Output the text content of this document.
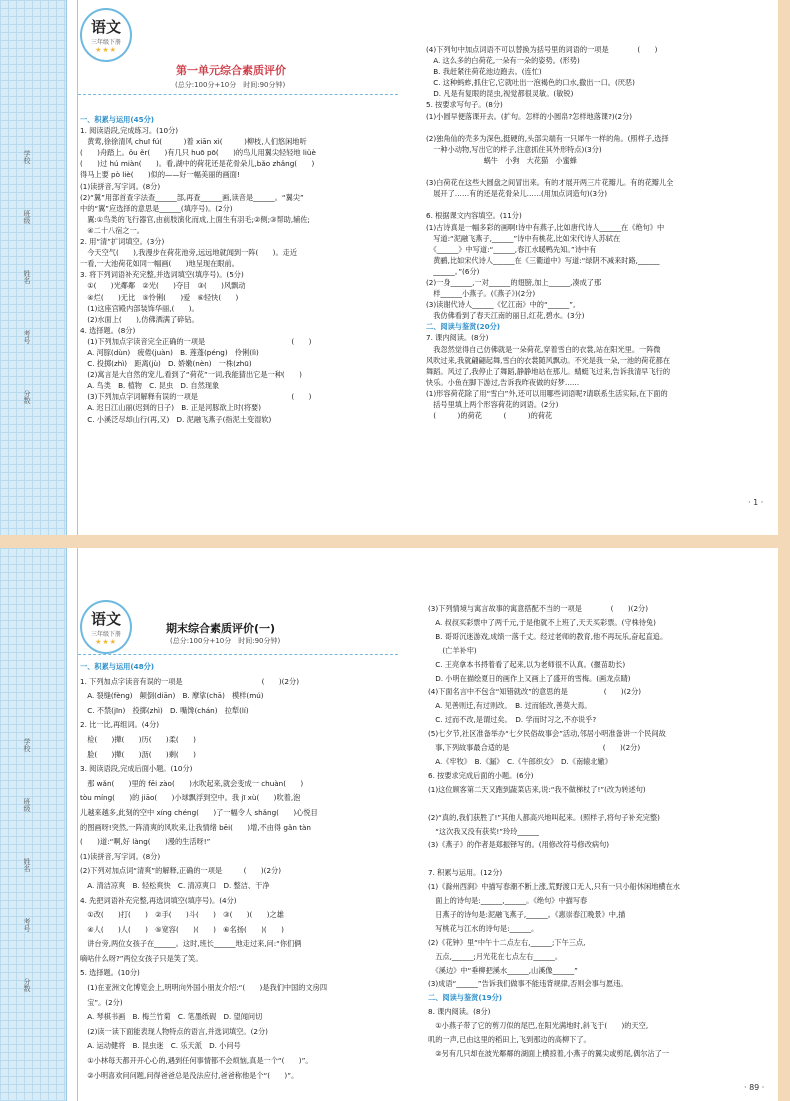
学校
班级
姓名
考号
分数
语文
三年级下册
★★★
第一单元综合素质评价
(总分:100分+10分　时间:90分钟)
一、积累与运用(45分)
1. 阅读语段,完成练习。(10分)
　黄莺,徐徐清风 chuī fú(　　　)着 xiān xì(　　　)柳枝,人们悠闲地听
(　　)舟踏上。ǒu ěr(　　)有几只 huō pō(　　)的鸟儿用翼尖轻轻地 liüè
(　　)过 hú miàn(　　)。看,湖中的荷花还是花骨朵儿,bǎo zhǎng(　　)
得马上要 pò liè(　　)似的——好一幅美丽的画面!
(1)读拼音,写字词。(8分)
(2)“翼”用部首查字法查______部,再查______画,读音是______。“翼尖”
中的“翼”应选择的意思是______(填序号)。(2分)
　翼:①鸟类的飞行器官,由前肢演化而成,上面生有羽毛;②侧;③帮助,辅佐;
　④二十八宿之一。
2. 用“清”扩词填空。(3分)
　今天空气(　　),我漫步在荷花池旁,远远地就闻到一阵(　　)。走近
一看,一大池荷花如同一幅画(　　)地呈现在眼前。
3. 将下列词语补充完整,并选词填空(填序号)。(5分)
　①(　　)光鄰鄰　②光(　　)夺目　③(　　)风飘动
　④烂(　　)无比　⑤怜俐(　　)爱　⑥轻快(　　)
　(1)这座宫殿内部装饰华丽,(　　)。
　(2)水面上(　　),仿佛洒满了碎钻。
4. 选择题。(8分)
　(1)下列加点字读音完全正确的一项是　　　　　　　　　　　　(　　)
　A. 河豚(dùn)　疲倦(juàn)　B. 莲蓬(péng)　伶俐(lì)
　C. 投掷(zhì)　距离(jù)　D. 娇嫩(nèn)　一株(zhū)
　(2)寓言是大自然的宠儿,看到了“荷花”一词,我能猜出它是一种(　　)
　A. 鸟类　B. 植物　C. 昆虫　D. 自然现象
　(3)下列加点字词解释有误的一项是　　　　　　　　　　　　　(　　)
　A. 迟日江山丽(迟到的日子)　B. 正是河豚欲上时(将要)
　C. 小溪泛尽却山行(再,又)　D. 泥融飞燕子(指泥土变湿软)
(4)下列句中加点词语不可以替换为括号里的词语的一项是　　　　(　　)
　A. 这么多的白荷花,一朵有一朵的姿势。(形势)
　B. 我赶紧往荷花池边跑去。(连忙)
　C. 这种蚂蚱,抓住它,它就吐出一泡褐色的口水,撒出一口。(厌恶)
　D. 凡是有复眼的昆虫,视觉都很灵敏。(敏锐)
5. 按要求写句子。(8分)
(1)小圆早便落课开去。(扩句。怎样的小圆帛?怎样地落课?)(2分)

(2)独角仙的壳多为深色,挺硬的,头部尖端有一只犀牛一样的角。(照样子,选择
　一种小动物,写出它的样子,注意抓住其外形特点)(3分)
　　　　　　　　蜗牛　小狗　大花猫　小蜜蜂

(3)白荷花在这些大圆盘之间冒出来。有的才展开两三片花瓣儿。有的花瓣儿全
　展开了……有的还是花骨朵儿……(用加点词造句)(3分)

6. 根据课文内容填空。(11分)
(1)古诗真是一幅多彩的画啊!诗中有燕子,比如唐代诗人______在《绝句》中
　写道:“泥融飞燕子,______”诗中有桃花,比如宋代诗人苏轼在
　《______》中写道:“______,春江水暖鸭先知。”诗中有
　黄鹂,比如宋代诗人______在《三衢道中》写道:“绿阴不减来时路,______
　______。”(6分)
(2)一身______,一对______的翅膀,加上______,凑成了那
　样______小燕子。(《燕子》)(2分)
(3)读谢代诗人______《忆江南》中的“______”,
　我仿佛看到了春天江南的丽日,红花,碧水。(3分)
二、阅读与鉴赏(20分)
7. 课内阅读。(8分)
　我忽然觉得自己仿佛就是一朵荷花,穿着雪白的衣裳,站在阳光里。一阵微
风吹过来,我就翩翩起舞,雪白的衣裳随风飘动。不光是我一朵,一池的荷花都在
舞蹈。风过了,我停止了舞蹈,静静地站在那儿。蜻蜓飞过来,告诉我清早飞行的
快乐。小鱼在脚下游过,告诉我昨夜做的好梦……
(1)形容荷花除了用“雪白”外,还可以用哪些词语呢?请联系生活实际,在下面的
　括号里填上两个形容荷花的词语。(2分)
　(　　　)的荷花　　　(　　　)的荷花
· 1 ·
学校
班级
姓名
考号
分数
语文
三年级下册
★★★
期末综合素质评价(一)
(总分:100分+10分　时间:90分钟)
一、积累与运用(48分)
1. 下列加点字读音有误的一项是　　　　　　　　　　　(　　)(2分)
　A. 裂缝(fèng)　颠倒(diān)　B. 摩挲(chā)　模样(mú)
　C. 不禁(jīn)　投掷(zhì)　D. 嘴馋(chán)　拉犁(lí)
2. 比一比,再组词。(4分)
　检(　　)撵(　　)历(　　)柔(　　)
　脸(　　)撵(　　)沥(　　)剩(　　)
3. 阅读语段,完成后面小题。(10分)
　那 wǎn(　　)里的 fēi zào(　　)水吹起来,就会变成一 chuàn(　　)
tòu míng(　　)的 jiāo(　　)小球飘浮到空中。我 jī xù(　　)吹着,泡
儿越来越多,此刻的空中 xíng chéng(　　)了一幅令人 shǎng(　　)心悦目
的图画呀!突然,一阵清爽的风吹来,让我情绪 bēi(　　)增,不由得 gǎn tàn
(　　)道:“啊,好 làng(　　)漫的生活呀!”
(1)读拼音,写字词。(8分)
(2)下列对加点词“清爽”的解释,正确的一项是　　　(　　)(2分)
　A. 清洁凉爽　B. 轻松爽快　C. 清凉爽口　D. 整洁、干净
4. 先把词语补充完整,再选词填空(填序号)。(4分)
　①改(　　)打(　　)　②手(　　)斗(　　)　③(　　)(　　)之雄
　④人(　　)人(　　)　⑤宽容(　　)(　　)　⑥名扬(　　)(　　)
　讲台旁,两位女孩子在______。这时,班长______地走过来,问:“你们俩
嘀咕什么呀?”两位女孩子只是笑了笑。
5. 选择题。(10分)
　(1)在亚洲文化博览会上,明明向外国小朋友介绍:“(　　)是我们中国的文房四
　宝”。(2分)
　A. 琴棋书画　B. 梅兰竹菊　C. 笔墨纸砚　D. 望闻问切
　(2)读一读下面能表现人物特点的语言,并选词填空。(2分)
　A. 运动健将　B. 昆虫迷　C. 乐天派　D. 小问号
　①小林每天都开开心心的,遇到任何事情都不会烦恼,真是一个“(　　)”。
　②小明喜欢问问题,问得爸爸总是没法应付,爸爸称他是个“(　　)”。
(3)下列情境与寓言故事的寓意搭配不当的一项是　　　　(　　)(2分)
　A. 叔叔买彩票中了两千元,于是他就不上班了,天天买彩票。(守株待兔)
　B. 哥哥沉迷游戏,成绩一落千丈。经过老师的教育,他不再玩乐,奋起直追。
　　(亡羊补牢)
　C. 王亮拿本书捋着看了起来,以为老师很不认真。(揠苗助长)
　D. 小明在描绘夏日的画作上又画上了盛开的雪梅。(画龙点睛)
(4)下面名言中不包含“知错就改”的意思的是　　　　　(　　)(2分)
　A. 见善则迁,有过则改。　B. 过而能改,善莫大焉。
　C. 过而不改,是谓过矣。　D. 学而时习之,不亦说乎?
(5)七夕节,社区准备举办“七夕民俗故事会”活动,邻居小明准备讲一个民间故
　事,下列故事最合适的是　　　　　　　　　　　　　(　　)(2分)
　A.《牢牧》　B.《漏》　C.《牛郎织女》　D.《南辕北辙》
6. 按要求完成后面的小题。(6分)
(1)这位顾客第二天又跑到蔬菜店来,说:“我不做梯杖了!”(改为转述句)

(2)“真的,我们获胜了!”其他人都高兴地叫起来。(照样子,将句子补充完整)
　“这次我又没有获奖!”玲玲______
(3)《燕子》的作者是郑振铎写的。(用修改符号修改病句)

7. 积累与运用。(12分)
(1)《滁州西涧》中描写春潮不断上涨,荒野渡口无人,只有一只小船休闲地横在水
　面上的诗句是:______,______。《绝句》中描写春
　日燕子的诗句是:泥融飞燕子,______。《惠崇春江晚景》中,描
　写桃花与江水的诗句是:______。
(2)《花钟》里“中午十二点左右,______;下午三点,
　五点,______;月光花在七点左右______。
　《溪边》中“垂柳把溪水______,山溪像______”
(3)成语“______”告诉我们做事不能违背规律,否则会事与愿违。
二、阅读与鉴赏(19分)
8. 课内阅读。(8分)
　①小燕子带了它的剪刀似的尾巴,在阳光满地时,斜飞于(　　)的天空,
叽的一声,已由这里的稻田上,飞到那边的高柳下了。
　②另有几只却在波光鄰鄰的湖面上横掠着,小燕子的翼尖或剪尾,偶尔沾了一
· 89 ·
